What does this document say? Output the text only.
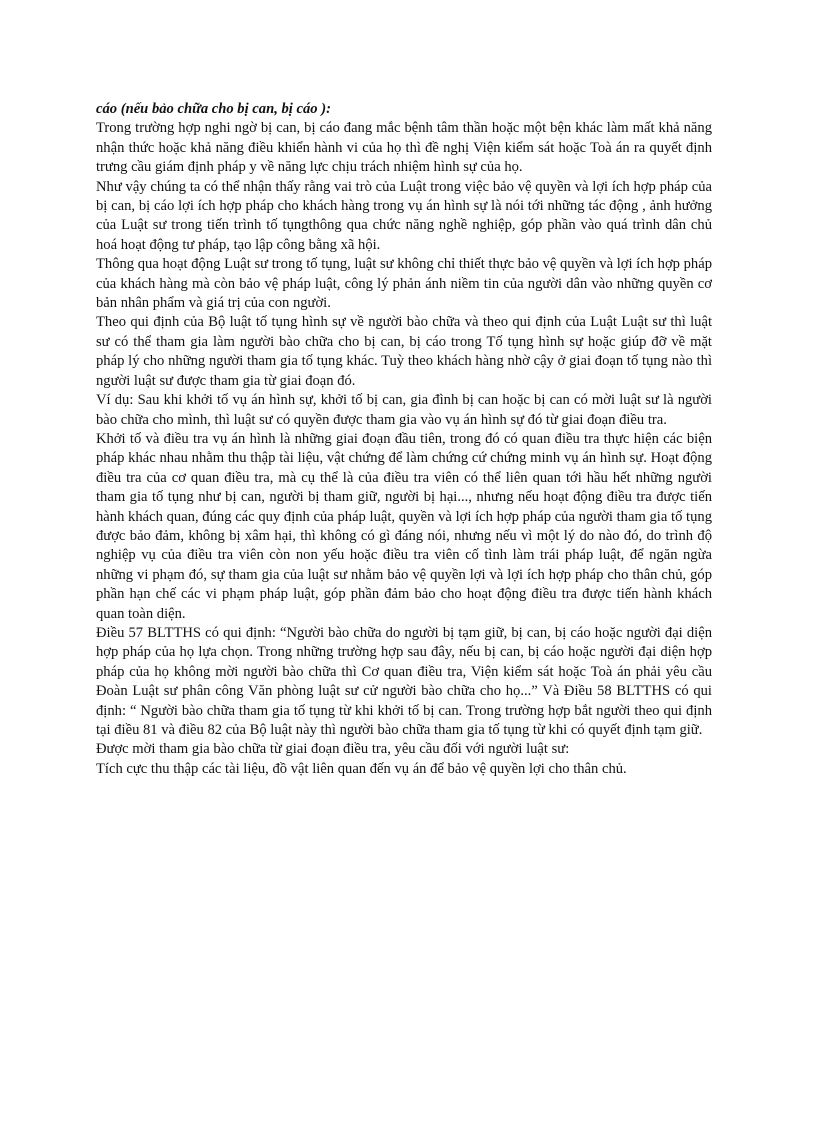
cáo (nếu bảo chữa cho bị can, bị cáo ):

Trong trường hợp nghi ngờ bị can, bị cáo đang mắc bệnh tâm thần hoặc một bện khác làm mất khả năng nhận thức hoặc khả năng điều khiển hành vi của họ thì đề nghị Viện kiểm sát hoặc Toà án ra quyết định trưng cầu giám định pháp y về năng lực chịu trách nhiệm hình sự của họ.

Như vậy chúng ta có thể nhận thấy rằng vai trò của Luật trong việc bảo vệ quyền và lợi ích hợp pháp của bị can, bị cáo lợi ích hợp pháp cho khách hàng trong vụ án hình sự là nói tới những tác động , ảnh hưởng của Luật sư trong tiến trình tố tụngthông qua chức năng nghề nghiệp, góp phần vào quá trình dân chủ hoá hoạt động tư pháp, tạo lập công bằng xã hội.

Thông qua hoạt động Luật sư trong tố tụng, luật sư không chỉ thiết thực bảo vệ quyền và lợi ích hợp pháp của khách hàng mà còn bảo vệ pháp luật, công lý phản ánh niềm tin của người dân vào những quyền cơ bản nhân phẩm và giá trị của con người.

Theo qui định của Bộ luật tố tụng hình sự về người bào chữa và theo qui định của Luật Luật sư thì luật sư có thể tham gia làm người bào chữa cho bị can, bị cáo trong Tố tụng hình sự hoặc giúp đỡ về mặt pháp lý cho những người tham gia tố tụng khác. Tuỳ theo khách hàng nhờ cậy ở giai đoạn tố tụng nào thì người luật sư được tham gia từ giai đoạn đó.

Ví dụ: Sau khi khởi tố vụ án hình sự, khởi tố bị can, gia đình bị can hoặc bị can có mời luật sư là người bào chữa cho mình, thì luật sư có quyền được tham gia vào vụ án hình sự đó từ giai đoạn điều tra.

Khởi tố và điều tra vụ án hình là những giai đoạn đầu tiên, trong đó có quan điều tra thực hiện các biện pháp khác nhau nhằm thu thập tài liệu, vật chứng để làm chứng cứ chứng minh vụ án hình sự. Hoạt động điều tra của cơ quan điều tra, mà cụ thể là của điều tra viên có thể liên quan tới hầu hết những người tham gia tố tụng như bị can, người bị tham giữ, người bị hại..., nhưng nếu hoạt động điều tra được tiến hành khách quan, đúng các quy định của pháp luật, quyền và lợi ích hợp pháp của người tham gia tố tụng được bảo đảm, không bị xâm hại, thì không có gì đáng nói, nhưng nếu vì một lý do nào đó, do trình độ nghiệp vụ của điều tra viên còn non yếu hoặc điều tra viên cố tình làm trái pháp luật, để ngăn ngừa những vi phạm đó, sự tham gia của luật sư nhằm bảo vệ quyền lợi và lợi ích hợp pháp cho thân chủ, góp phần hạn chế các vi phạm pháp luật, góp phần đảm bảo cho hoạt động điều tra được tiến hành khách quan toàn diện.

Điều 57 BLTTHS có qui định: “Người bào chữa do người bị tạm giữ, bị can, bị cáo hoặc người đại diện hợp pháp của họ lựa chọn. Trong những trường hợp sau đây, nếu bị can, bị cáo hoặc người đại diện hợp pháp của họ không mời người bào chữa thì Cơ quan điều tra, Viện kiểm sát hoặc Toà án phải yêu cầu Đoàn Luật sư phân công Văn phòng luật sư cử người bào chữa cho họ...” Và Điều 58 BLTTHS có qui định: “ Người bào chữa tham gia tố tụng từ khi khởi tố bị can. Trong trường hợp bắt người theo qui định tại điều 81 và điều 82 của Bộ luật này thì người bào chữa tham gia tố tụng từ khi có quyết định tạm giữ.

Được mời tham gia bào chữa từ giai đoạn điều tra, yêu cầu đối với người luật sư:

Tích cực thu thập các tài liệu, đồ vật liên quan đến vụ án để bảo vệ quyền lợi cho thân chủ.
